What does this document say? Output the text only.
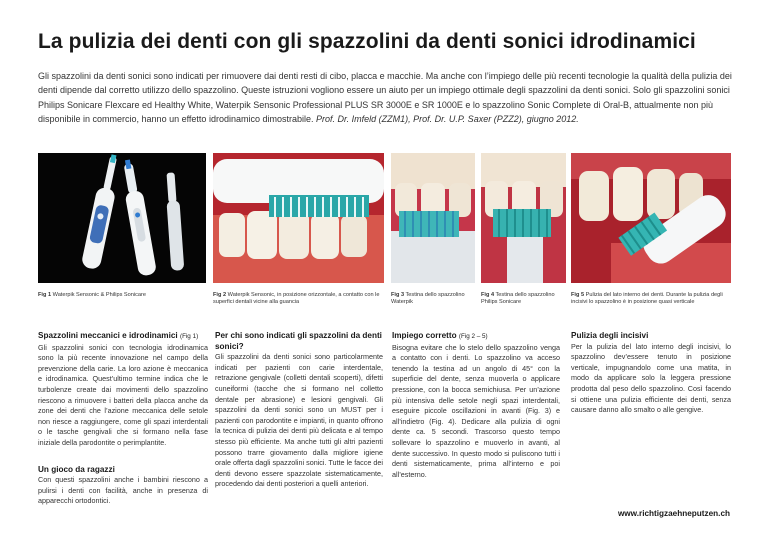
La pulizia dei denti con gli spazzolini da denti sonici idrodinamici
Gli spazzolini da denti sonici sono indicati per rimuovere dai denti resti di cibo, placca e macchie. Ma anche con l’impiego delle più recenti tecnologie la qualità della pulizia dei denti dipende dal corretto utilizzo dello spazzolino. Queste istruzioni vogliono essere un aiuto per un impiego ottimale degli spazzolini da denti sonici. Solo gli spazzolini sonici Philips Sonicare Flexcare ed Healthy White, Waterpik Sensonic Professional PLUS SR 3000E e SR 1000E e lo spazzolino Sonic Complete di Oral-B, attualmente non più disponibile in commercio, hanno un effetto idrodinamico dimostrabile. Prof. Dr. Imfeld (ZZM1), Prof. Dr. U.P. Saxer (PZZ2), giugno 2012.
Fig 1 Waterpik Sensonic & Philips Sonicare	Fig 2 Waterpik Sensonic, in posizione orizzontale, a contatto con le superfici dentali vicine alla guancia
Fig 3 Testina dello spazzolino Waterpik
Fig 4 Testina dello spazzolino Philips Sonicare
Fig 5 Pulizia del lato interno dei denti. Durante la pulizia degli incisivi lo spazzolino è in posizione quasi verticale
Spazzolini meccanici e idrodinamici (Fig 1)

Gli spazzolini sonici con tecnologia idrodinamica sono la più recente innovazione nel campo della prevenzione della carie. La loro azione è meccanica e idrodinamica. Quest’ultimo termine indica che le turbolenze create dai movimenti dello spazzolino riescono a rimuovere i batteri della placca anche da zone dei denti che l’azione meccanica delle setole non riesce a raggiungere, come gli spazi interdentali o le tasche gengivali che si formano nella fase iniziale della parodontite o perimplantite.

Un gioco da ragazzi

Con questi spazzolini anche i bambini riescono a pulirsi i denti con facilità, anche in presenza di apparecchi ortodontici.

Per chi sono indicati gli spazzolini da denti sonici?

Gli spazzolini da denti sonici sono particolarmente indicati per pazienti con carie interdentale, retrazione gengivale (colletti dentali scoperti), difetti cuneiformi (tacche che si formano nel colletto dentale per abrasione) e lesioni gengivali. Gli spazzolini da denti sonici sono un MUST per i pazienti con parodontite e impianti, in quanto offrono la tecnica di pulizia dei denti più delicata e al tempo stesso più efficiente. Ma anche tutti gli altri pazienti possono trarre giovamento dalla migliore igiene orale offerta dagli spazzolini sonici. Tutte le facce dei denti devono essere spazzolate sistematicamente, procedendo dai denti posteriori a quelli anteriori.

Impiego corretto (Fig 2 – 5)

Bisogna evitare che lo stelo dello spazzolino venga a contatto con i denti. Lo spazzolino va acceso tenendo la testina ad un angolo di 45° con la superficie del dente, senza muoverla o applicare pressione, con la bocca semichiusa. Per un’azione più intensiva delle setole negli spazi interdentali, eseguire piccole oscillazioni in avanti (Fig. 3) e all’indietro (Fig. 4). Dedicare alla pulizia di ogni dente ca. 5 secondi. Trascorso questo tempo sollevare lo spazzolino e muoverlo in avanti, al dente successivo. In questo modo si puliscono tutti i denti sistematicamente, prima all’interno e poi all’esterno.

Pulizia degli incisivi

Per la pulizia del lato interno degli incisivi, lo spazzolino dev’essere tenuto in posizione verticale, impugnandolo come una matita, in modo da applicare solo la leggera pressione prodotta dal peso dello spazzolino. Così facendo si ottiene una pulizia efficiente dei denti, senza causare danno allo smalto o alle gengive.

www.richtigzaehneputzen.ch
